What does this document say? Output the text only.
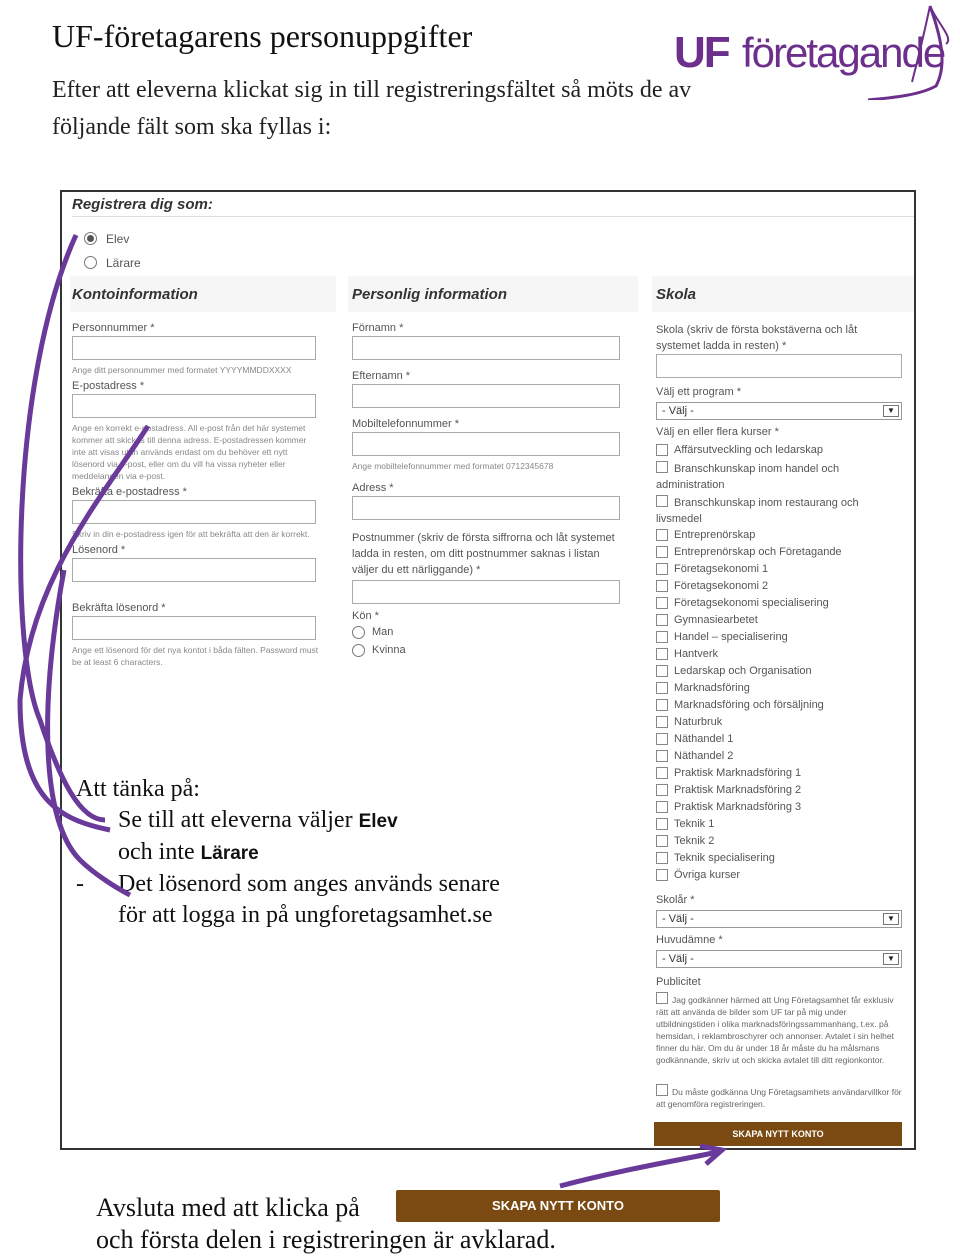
UF-företagarens personuppgifter
Efter att eleverna klickat sig in till registreringsfältet så möts de av följande fält som ska fyllas i:
UF företagande
Registrera dig som:
Elev
Lärare
Kontoinformation	Personlig information	Skola
Personnummer *
Ange ditt personnummer med formatet YYYYMMDDXXXX
E-postadress *
Ange en korrekt e-postadress. All e-post från det här systemet kommer att skickas till denna adress. E-postadressen kommer inte att visas utan används endast om du behöver ett nytt lösenord via e-post, eller om du vill ha vissa nyheter eller meddelanden via e-post.
Bekräfta e-postadress *
Skriv in din e-postadress igen för att bekräfta att den är korrekt.
Lösenord *
Bekräfta lösenord *
Ange ett lösenord för det nya kontot i båda fälten. Password must be at least 6 characters.
Förnamn *
Efternamn *
Mobiltelefonnummer *
Ange mobiltelefonnummer med formatet 0712345678
Adress *
Postnummer (skriv de första siffrorna och låt systemet ladda in resten, om ditt postnummer saknas i listan väljer du ett närliggande) *
Kön *
Man
Kvinna
Skola (skriv de första bokstäverna och låt systemet ladda in resten) *
Välj ett program *
- Välj -	▼
Välj en eller flera kurser *
Affärsutveckling och ledarskap
Branschkunskap inom handel och administration
Branschkunskap inom restaurang och livsmedel
Entreprenörskap
Entreprenörskap och Företagande
Företagsekonomi 1
Företagsekonomi 2
Företagsekonomi specialisering
Gymnasiearbetet
Handel – specialisering
Hantverk
Ledarskap och Organisation
Marknadsföring
Marknadsföring och försäljning
Naturbruk
Näthandel 1
Näthandel 2
Praktisk Marknadsföring 1
Praktisk Marknadsföring 2
Praktisk Marknadsföring 3
Teknik 1
Teknik 2
Teknik specialisering
Övriga kurser
Skolår *
- Välj -	▼
Huvudämne *
- Välj -	▼
Publicitet
Jag godkänner härmed att Ung Företagsamhet får exklusiv rätt att använda de bilder som UF tar på mig under utbildningstiden i olika marknadsföringssammanhang, t.ex. på hemsidan, i reklambroschyrer och annonser. Avtalet i sin helhet finner du här. Om du är under 18 år måste du ha målsmans godkännande, skriv ut och skicka avtalet till ditt regionkontor.
Du måste godkänna Ung Företagsamhets användarvillkor för att genomföra registreringen.
SKAPA NYTT KONTO
Att tänka på:
- Se till att eleverna väljer Elev
och inte Lärare
- Det lösenord som anges används senare
för att logga in på ungforetagsamhet.se
Avsluta med att klicka på
och första delen i registreringen är avklarad.
SKAPA NYTT KONTO
